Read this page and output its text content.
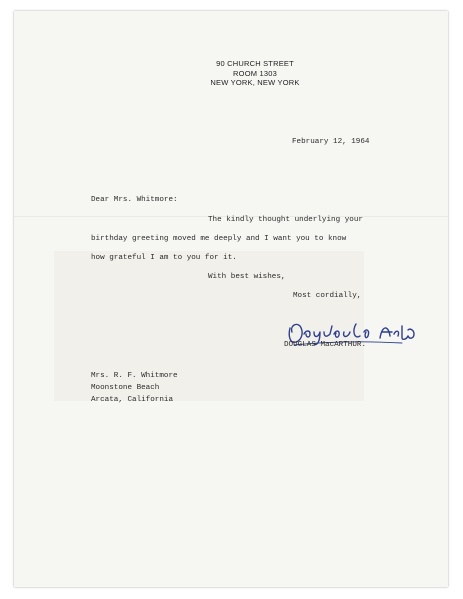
90 CHURCH STREET
ROOM 1303
NEW YORK, NEW YORK
February 12, 1964
Dear Mrs. Whitmore:
The kindly thought underlying your
birthday greeting moved me deeply and I want you to know
how grateful I am to you for it.
With best wishes,
Most cordially,
DOUGLAS MacARTHUR.
Mrs. R. F. Whitmore
Moonstone Beach
Arcata, California
